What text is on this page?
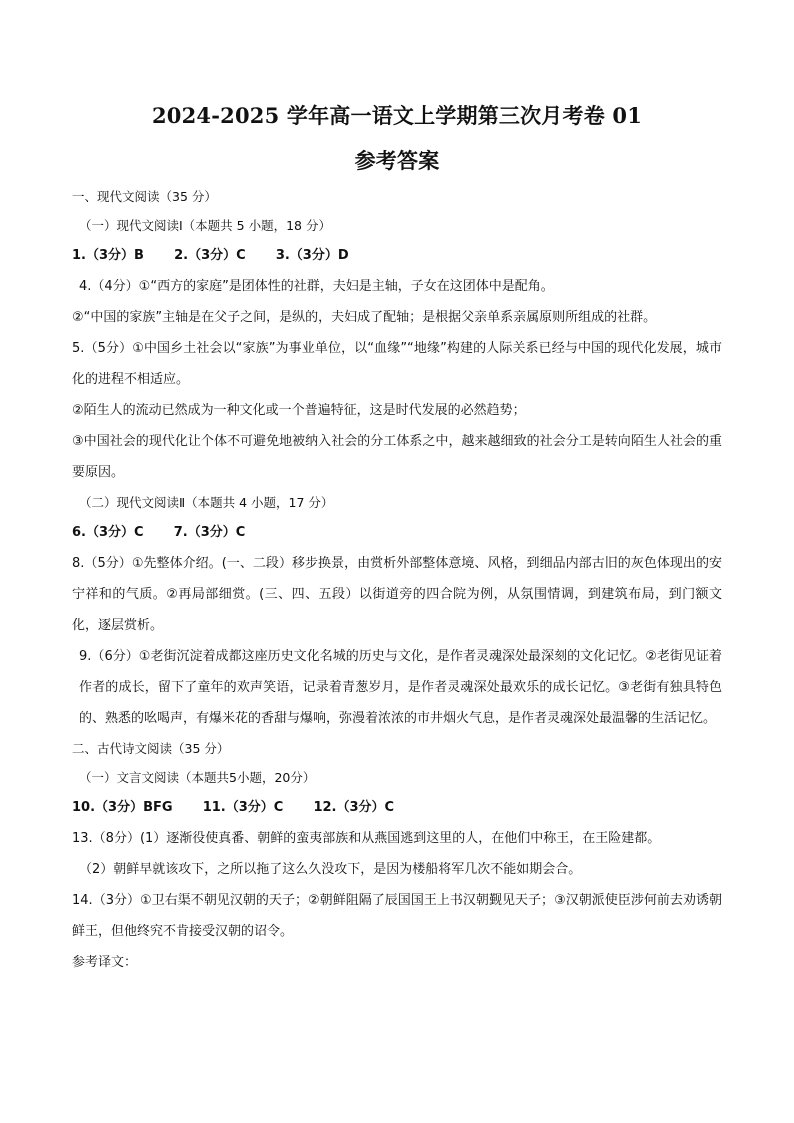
2024-2025 学年高一语文上学期第三次月考卷 01
参考答案
一、现代文阅读（35 分）
（一）现代文阅读Ⅰ（本题共 5 小题，18 分）
1.（3分）B 2.（3分）C 3.（3分）D
4.（4分）①“西方的家庭”是团体性的社群，夫妇是主轴，子女在这团体中是配角。
②“中国的家族”主轴是在父子之间，是纵的，夫妇成了配轴；是根据父亲单系亲属原则所组成的社群。
5.（5分）①中国乡土社会以“家族”为事业单位，以“血缘”“地缘”构建的人际关系已经与中国的现代化发展，城市化的进程不相适应。
②陌生人的流动已然成为一种文化或一个普遍特征，这是时代发展的必然趋势；
③中国社会的现代化让个体不可避免地被纳入社会的分工体系之中，越来越细致的社会分工是转向陌生人社会的重要原因。
（二）现代文阅读Ⅱ（本题共 4 小题，17 分）
6.（3分）C 7.（3分）C
8.（5分）①先整体介绍。(一、二段）移步换景，由赏析外部整体意境、风格，到细品内部古旧的灰色体现出的安宁祥和的气质。②再局部细赏。(三、四、五段）以街道旁的四合院为例，从氛围情调，到建筑布局，到门额文化，逐层赏析。
9.（6分）①老街沉淀着成都这座历史文化名城的历史与文化，是作者灵魂深处最深刻的文化记忆。②老街见证着作者的成长，留下了童年的欢声笑语，记录着青葱岁月，是作者灵魂深处最欢乐的成长记忆。③老街有独具特色的、熟悉的吆喝声，有爆米花的香甜与爆响，弥漫着浓浓的市井烟火气息，是作者灵魂深处最温馨的生活记忆。
二、古代诗文阅读（35 分）
（一）文言文阅读（本题共5小题，20分）
10.（3分）BFG 11.（3分）C 12.（3分）C
13.（8分）(1）逐渐役使真番、朝鲜的蛮夷部族和从燕国逃到这里的人，在他们中称王，在王险建都。
（2）朝鲜早就该攻下，之所以拖了这么久没攻下，是因为楼船将军几次不能如期会合。
14.（3分）①卫右渠不朝见汉朝的天子；②朝鲜阻隔了辰国国王上书汉朝觐见天子；③汉朝派使臣涉何前去劝诱朝鲜王，但他终究不肯接受汉朝的诏令。
参考译文：
